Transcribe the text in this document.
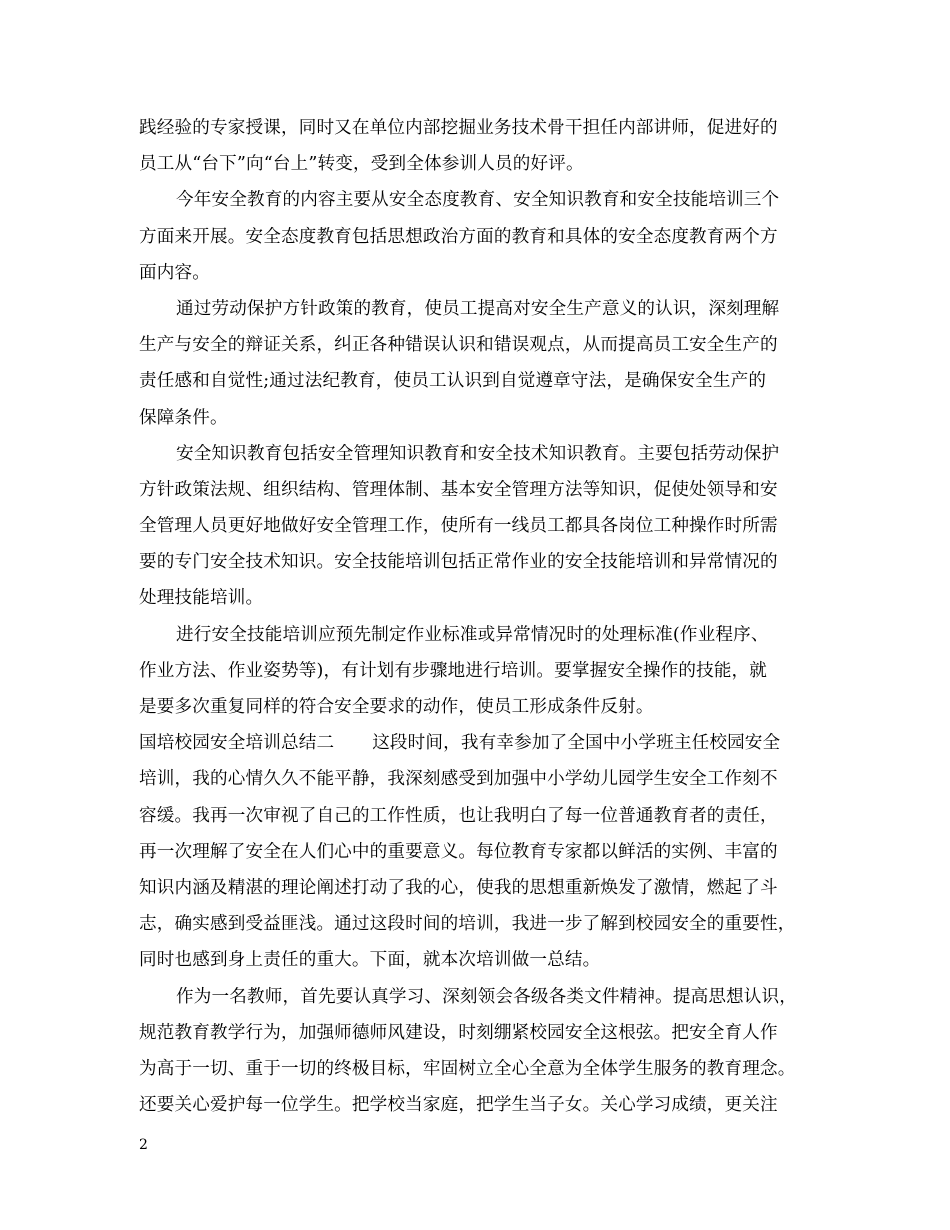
践经验的专家授课，同时又在单位内部挖掘业务技术骨干担任内部讲师，促进好的
员工从“台下”向“台上”转变，受到全体参训人员的好评。
今年安全教育的内容主要从安全态度教育、安全知识教育和安全技能培训三个
方面来开展。安全态度教育包括思想政治方面的教育和具体的安全态度教育两个方
面内容。
通过劳动保护方针政策的教育，使员工提高对安全生产意义的认识，深刻理解
生产与安全的辩证关系，纠正各种错误认识和错误观点，从而提高员工安全生产的
责任感和自觉性;通过法纪教育，使员工认识到自觉遵章守法，是确保安全生产的
保障条件。
安全知识教育包括安全管理知识教育和安全技术知识教育。主要包括劳动保护
方针政策法规、组织结构、管理体制、基本安全管理方法等知识，促使处领导和安
全管理人员更好地做好安全管理工作，使所有一线员工都具各岗位工种操作时所需
要的专门安全技术知识。安全技能培训包括正常作业的安全技能培训和异常情况的
处理技能培训。
进行安全技能培训应预先制定作业标准或异常情况时的处理标准(作业程序、
作业方法、作业姿势等)，有计划有步骤地进行培训。要掌握安全操作的技能，就
是要多次重复同样的符合安全要求的动作，使员工形成条件反射。
国培校园安全培训总结二 这段时间，我有幸参加了全国中小学班主任校园安全
培训，我的心情久久不能平静，我深刻感受到加强中小学幼儿园学生安全工作刻不
容缓。我再一次审视了自己的工作性质，也让我明白了每一位普通教育者的责任，
再一次理解了安全在人们心中的重要意义。每位教育专家都以鲜活的实例、丰富的
知识内涵及精湛的理论阐述打动了我的心，使我的思想重新焕发了激情，燃起了斗
志，确实感到受益匪浅。通过这段时间的培训，我进一步了解到校园安全的重要性，
同时也感到身上责任的重大。下面，就本次培训做一总结。
作为一名教师，首先要认真学习、深刻领会各级各类文件精神。提高思想认识，
规范教育教学行为，加强师德师风建设，时刻绷紧校园安全这根弦。把安全育人作
为高于一切、重于一切的终极目标，牢固树立全心全意为全体学生服务的教育理念。
还要关心爱护每一位学生。把学校当家庭，把学生当子女。关心学习成绩，更关注
2
